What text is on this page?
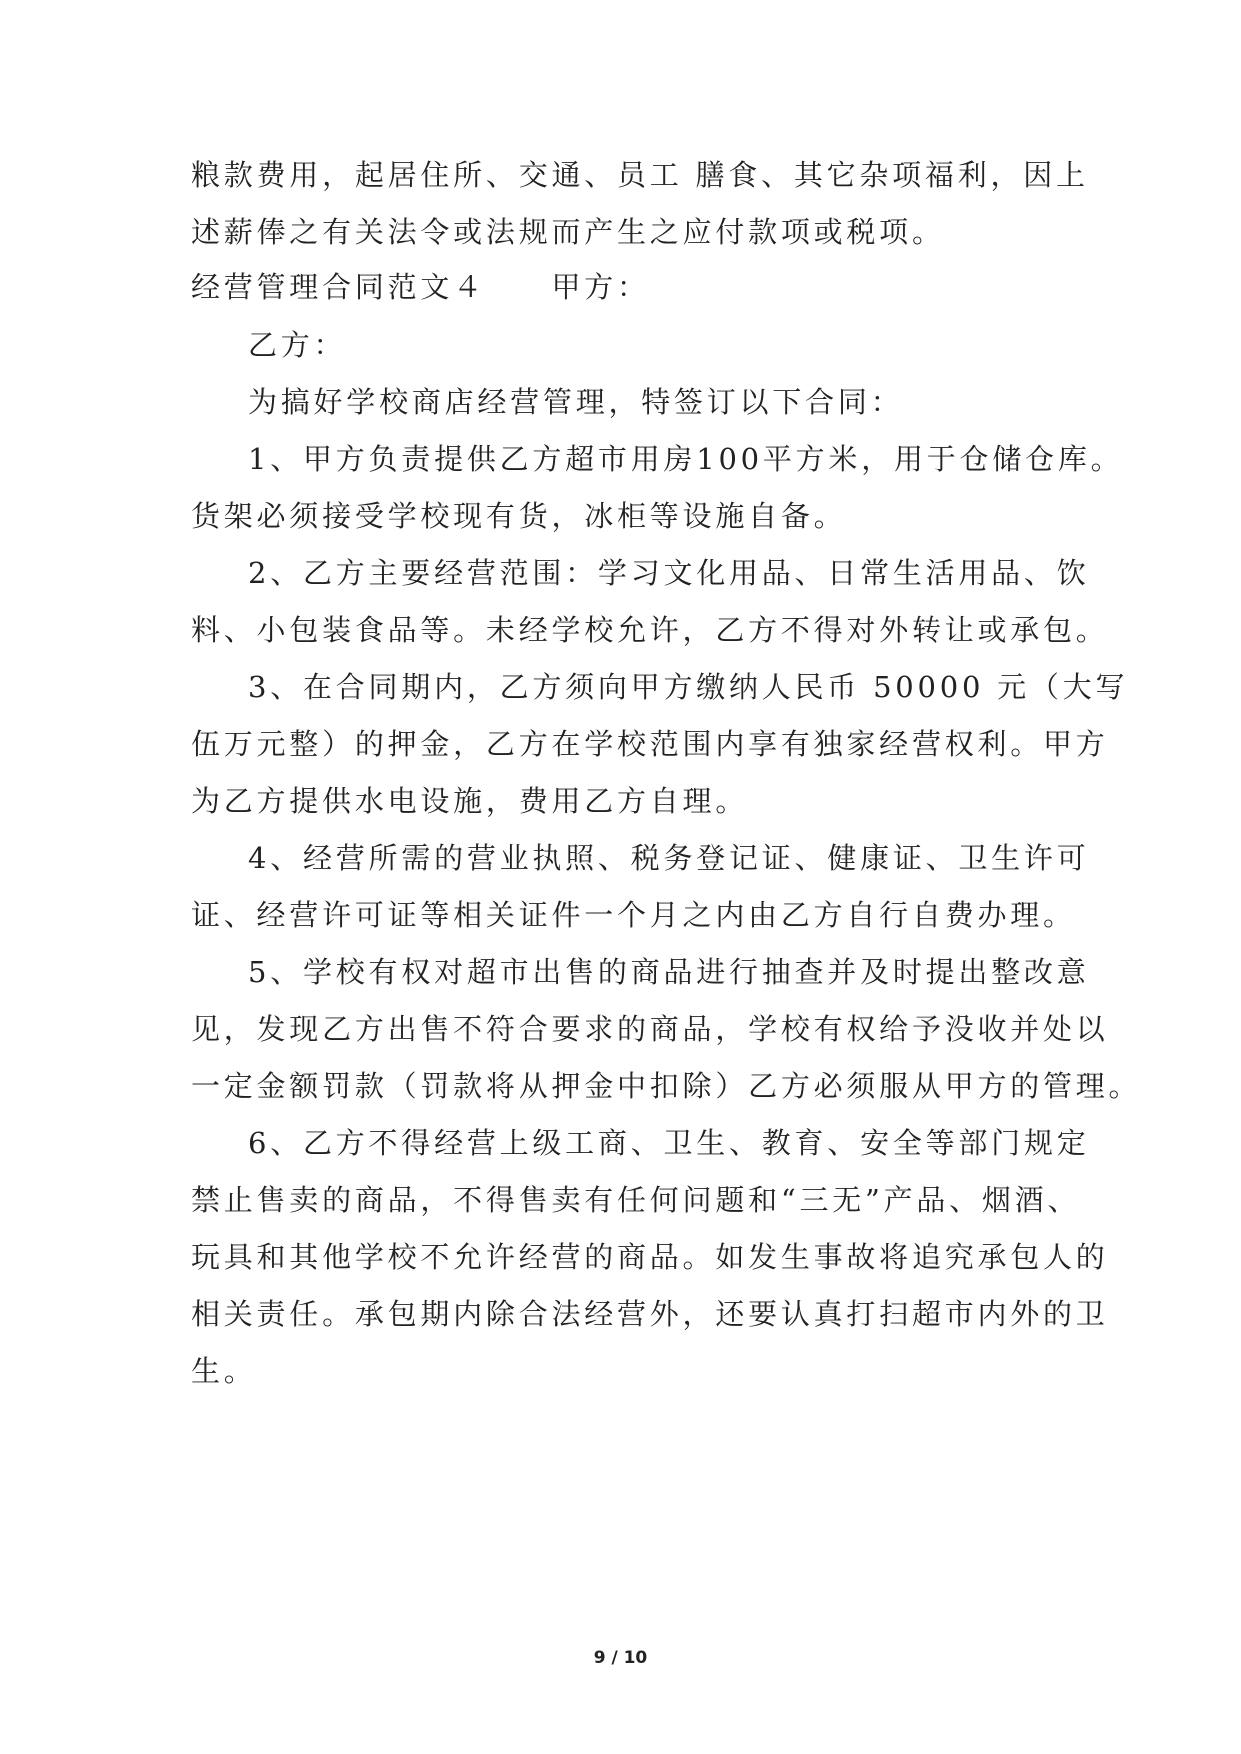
粮款费用，起居住所、交通、员工 膳食、其它杂项福利，因上
述薪俸之有关法令或法规而产生之应付款项或税项。
经营管理合同范文４　　甲方：
乙方：
为搞好学校商店经营管理，特签订以下合同：
1、甲方负责提供乙方超市用房100平方米，用于仓储仓库。
货架必须接受学校现有货，冰柜等设施自备。
2、乙方主要经营范围：学习文化用品、日常生活用品、饮
料、小包装食品等。未经学校允许，乙方不得对外转让或承包。
3、在合同期内，乙方须向甲方缴纳人民币 50000 元（大写
伍万元整）的押金，乙方在学校范围内享有独家经营权利。甲方
为乙方提供水电设施，费用乙方自理。
4、经营所需的营业执照、税务登记证、健康证、卫生许可
证、经营许可证等相关证件一个月之内由乙方自行自费办理。
5、学校有权对超市出售的商品进行抽查并及时提出整改意
见，发现乙方出售不符合要求的商品，学校有权给予没收并处以
一定金额罚款（罚款将从押金中扣除）乙方必须服从甲方的管理。
6、乙方不得经营上级工商、卫生、教育、安全等部门规定
禁止售卖的商品，不得售卖有任何问题和“三无”产品、烟酒、
玩具和其他学校不允许经营的商品。如发生事故将追究承包人的
相关责任。承包期内除合法经营外，还要认真打扫超市内外的卫
生。
9 / 10
